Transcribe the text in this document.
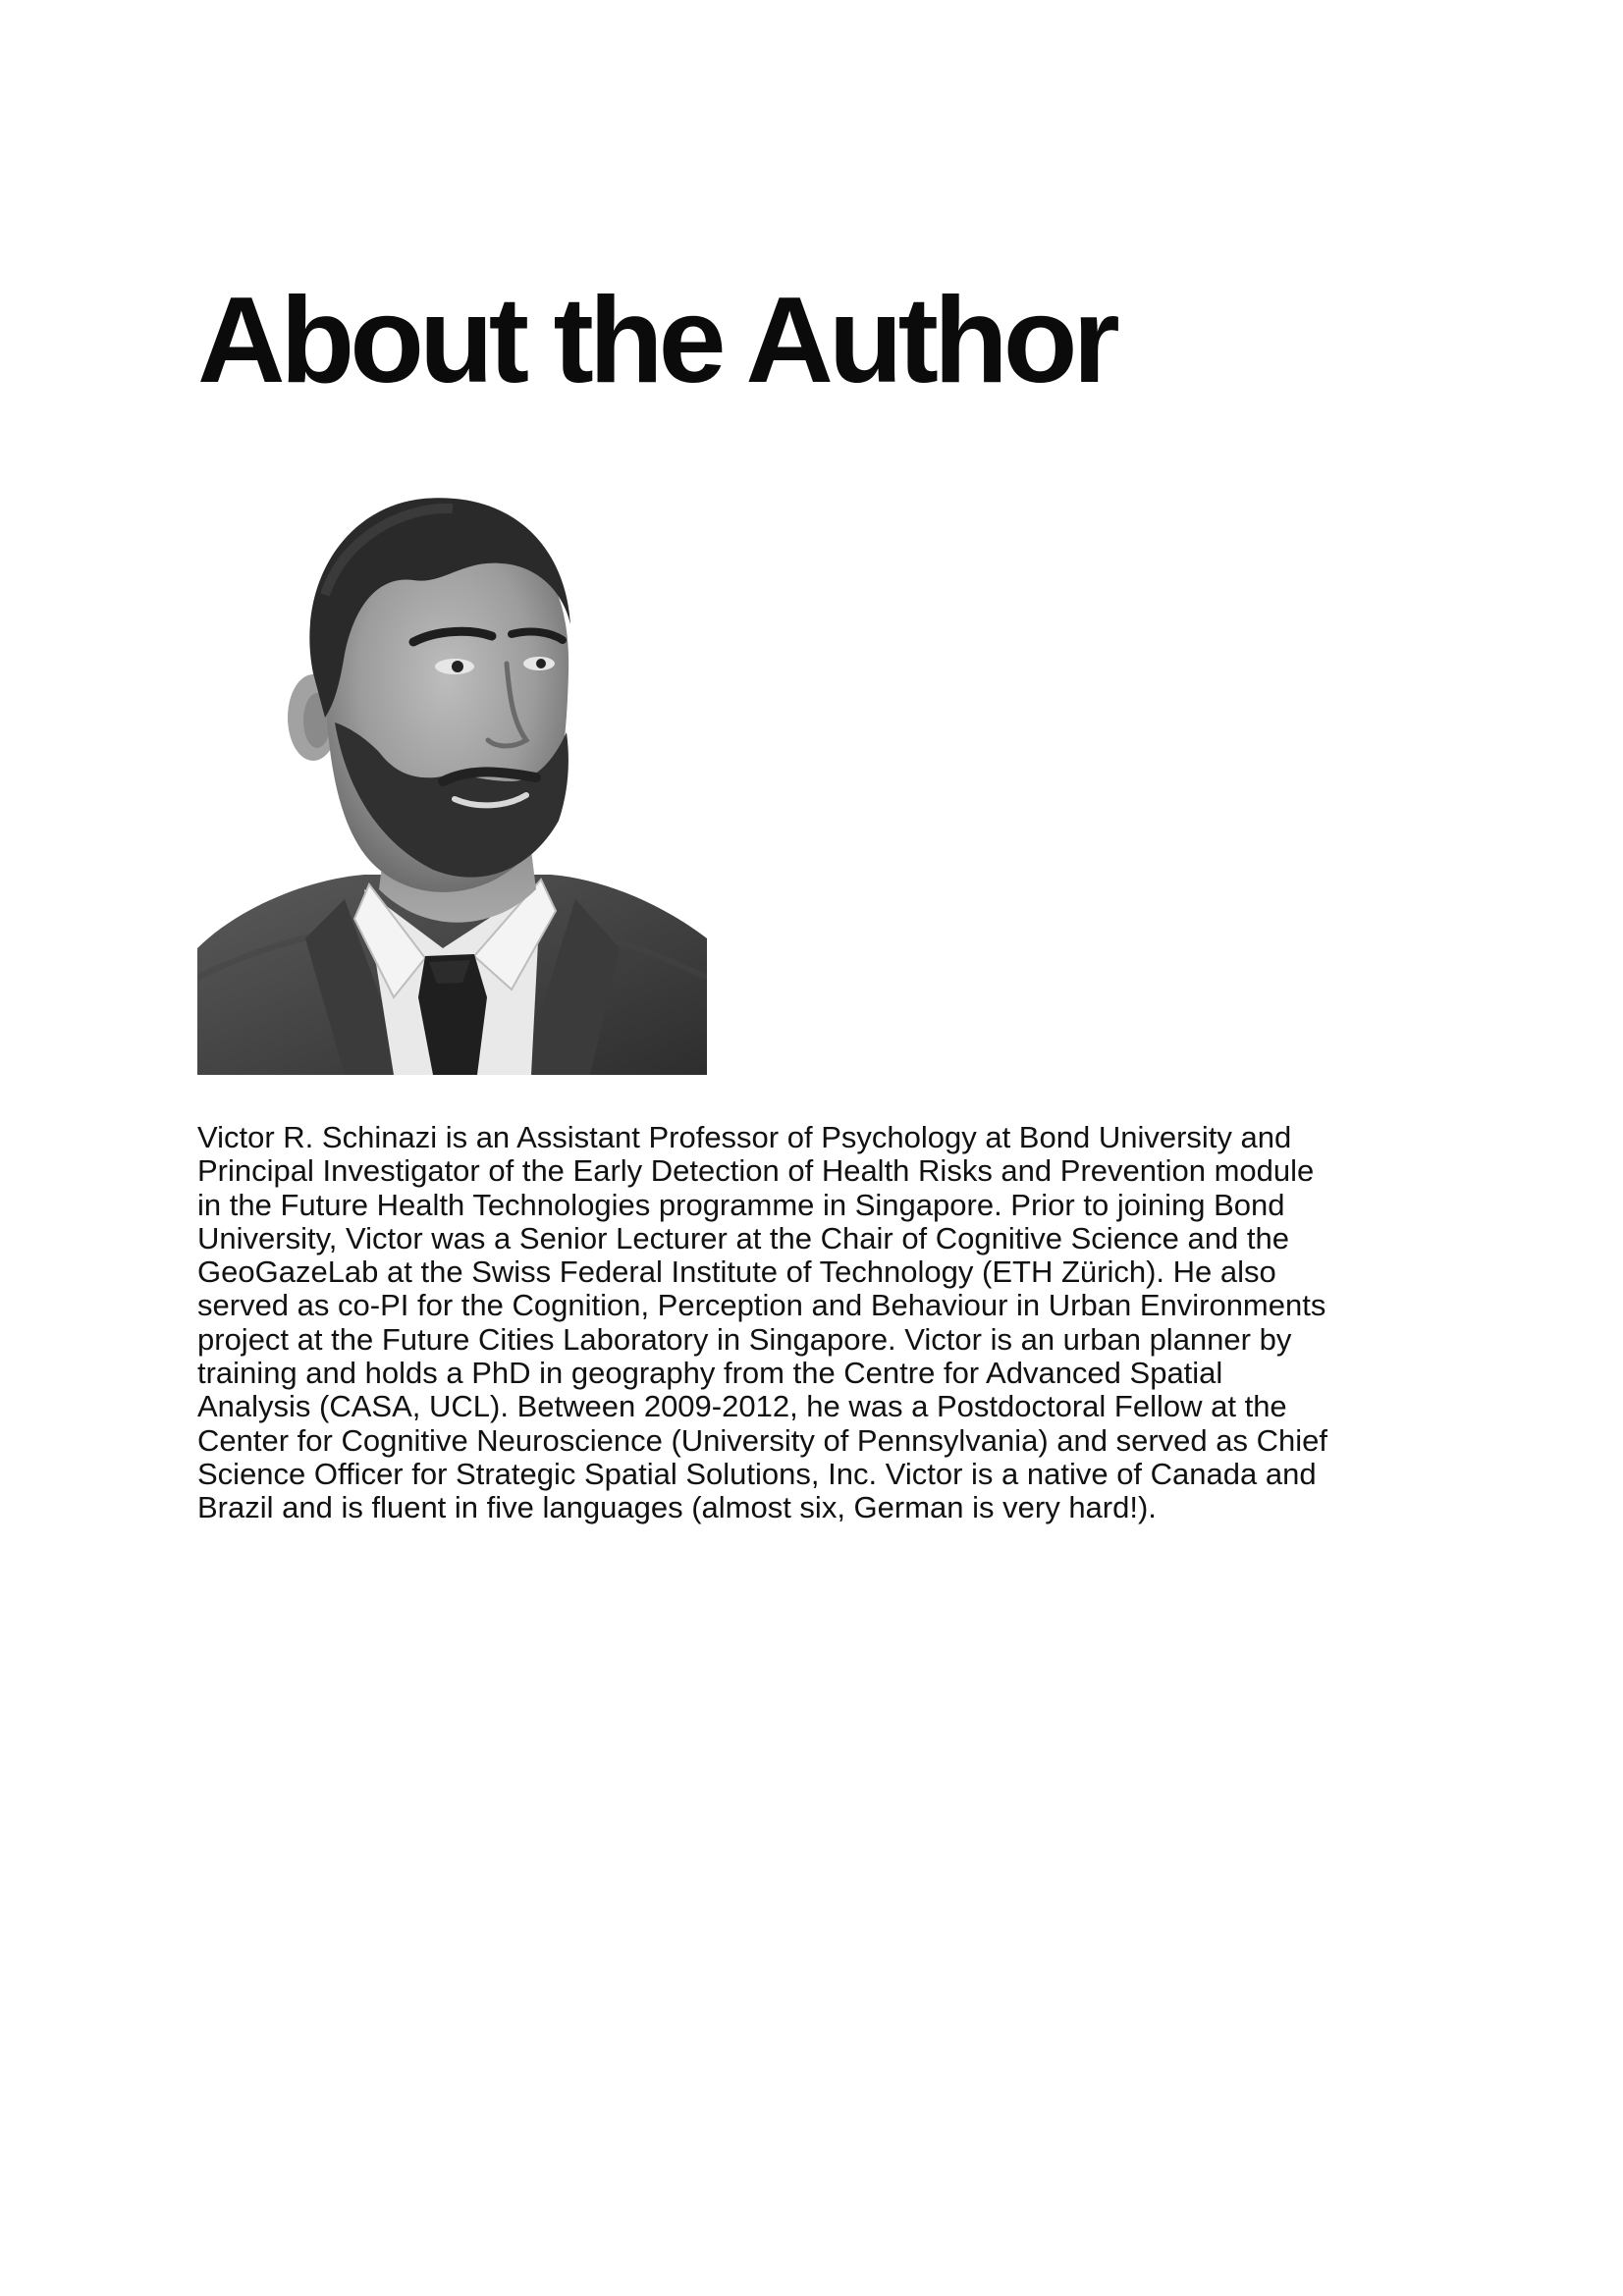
About the Author
Victor R. Schinazi is an Assistant Professor of Psychology at Bond University and
Principal Investigator of the Early Detection of Health Risks and Prevention module
in the Future Health Technologies programme in Singapore. Prior to joining Bond
University, Victor was a Senior Lecturer at the Chair of Cognitive Science and the
GeoGazeLab at the Swiss Federal Institute of Technology (ETH Zürich). He also
served as co-PI for the Cognition, Perception and Behaviour in Urban Environments
project at the Future Cities Laboratory in Singapore. Victor is an urban planner by
training and holds a PhD in geography from the Centre for Advanced Spatial
Analysis (CASA, UCL). Between 2009-2012, he was a Postdoctoral Fellow at the
Center for Cognitive Neuroscience (University of Pennsylvania) and served as Chief
Science Officer for Strategic Spatial Solutions, Inc. Victor is a native of Canada and
Brazil and is fluent in five languages (almost six, German is very hard!).
